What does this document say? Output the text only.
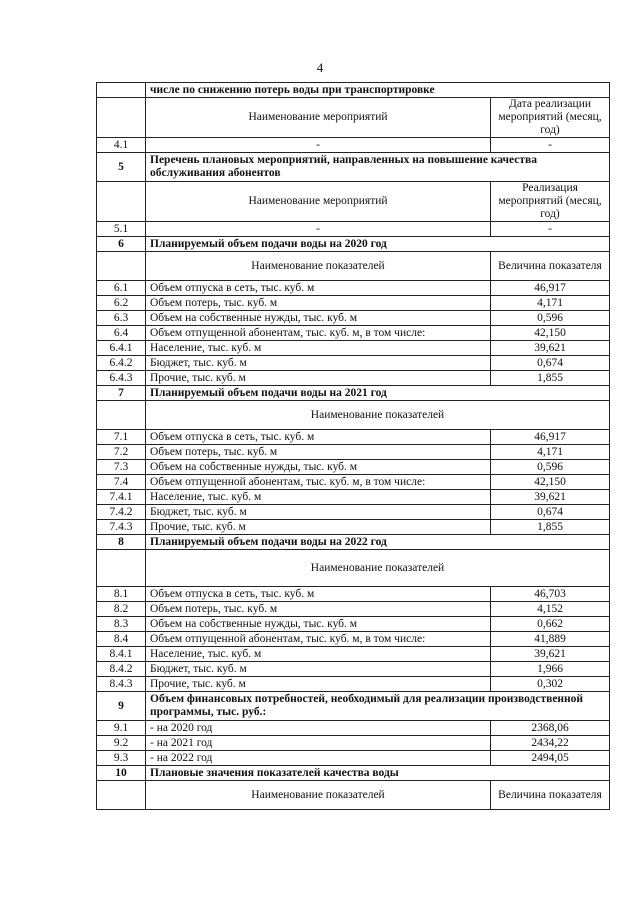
4
	числе по снижению потерь воды при транспортировке	
	Наименование мероприятий	Дата реализации мероприятий (месяц, год)
4.1	-	-
5	Перечень плановых мероприятий, направленных на повышение качества обслуживания абонентов	
	Наименование мероприятий	Реализация мероприятий (месяц, год)
5.1	-	-
6	Планируемый объем подачи воды на 2020 год	
	Наименование показателей	Величина показателя
6.1	Объем отпуска в сеть, тыс. куб. м	46,917
6.2	Объем потерь, тыс. куб. м	4,171
6.3	Объем на собственные нужды, тыс. куб. м	0,596
6.4	Объем отпущенной абонентам, тыс. куб. м, в том числе:	42,150
6.4.1	Население, тыс. куб. м	39,621
6.4.2	Бюджет, тыс. куб. м	0,674
6.4.3	Прочие, тыс. куб. м	1,855
7	Планируемый объем подачи воды на 2021 год	
	Наименование показателей	
7.1	Объем отпуска в сеть, тыс. куб. м	46,917
7.2	Объем потерь, тыс. куб. м	4,171
7.3	Объем на собственные нужды, тыс. куб. м	0,596
7.4	Объем отпущенной абонентам, тыс. куб. м, в том числе:	42,150
7.4.1	Население, тыс. куб. м	39,621
7.4.2	Бюджет, тыс. куб. м	0,674
7.4.3	Прочие, тыс. куб. м	1,855
8	Планируемый объем подачи воды на 2022 год	
	Наименование показателей	
8.1	Объем отпуска в сеть, тыс. куб. м	46,703
8.2	Объем потерь, тыс. куб. м	4,152
8.3	Объем на собственные нужды, тыс. куб. м	0,662
8.4	Объем отпущенной абонентам, тыс. куб. м, в том числе:	41,889
8.4.1	Население, тыс. куб. м	39,621
8.4.2	Бюджет, тыс. куб. м	1,966
8.4.3	Прочие, тыс. куб. м	0,302
9	Объем финансовых потребностей, необходимый для реализации производственной программы, тыс. руб.:	
9.1	- на 2020 год	2368,06
9.2	- на 2021 год	2434,22
9.3	- на 2022 год	2494,05
10	Плановые значения показателей качества воды	
	Наименование показателей	Величина показателя
